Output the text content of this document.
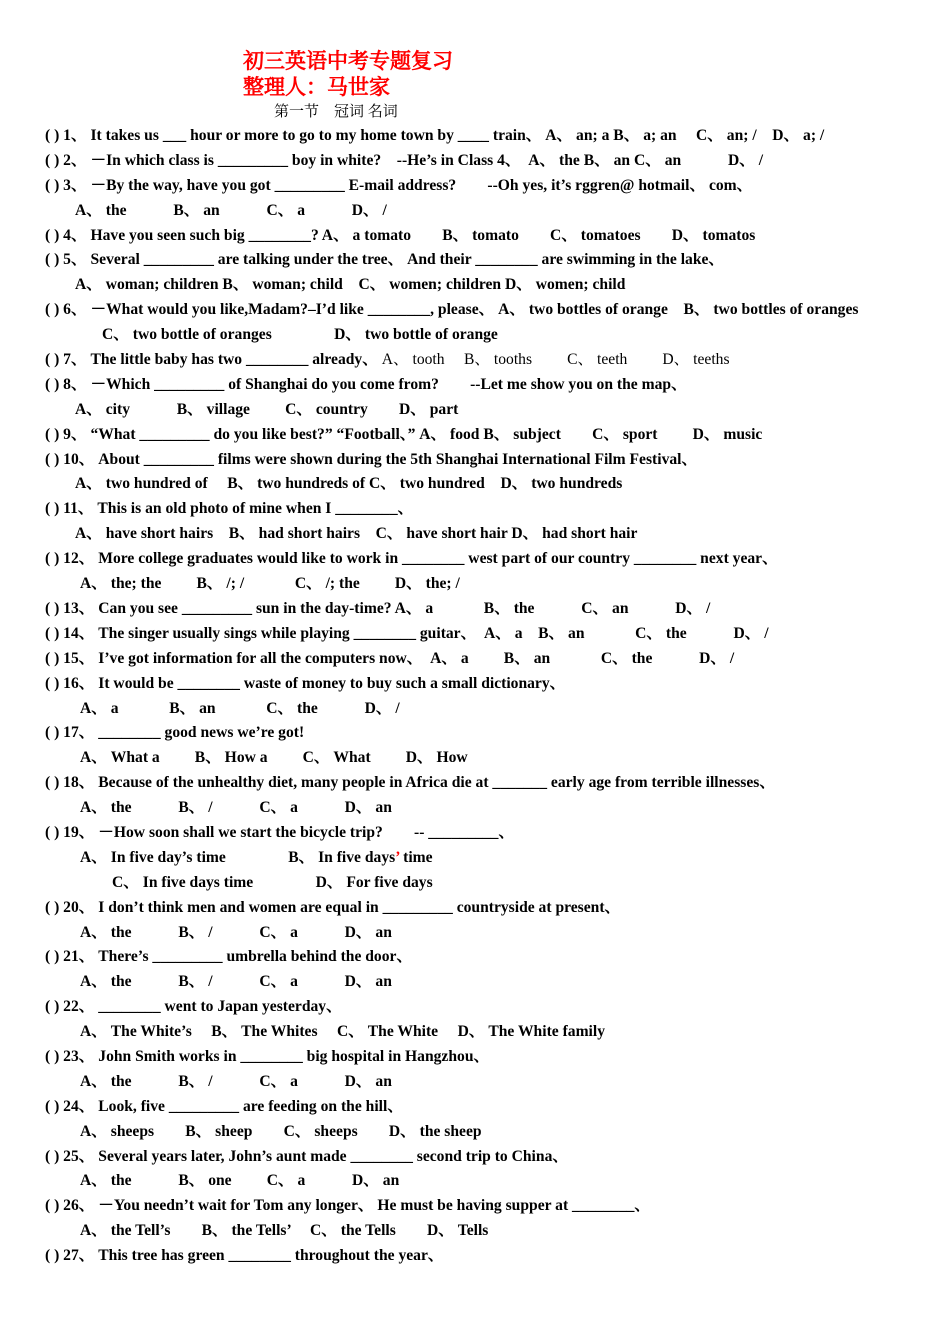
初三英语中考专题复习
整理人：马世家
第一节　冠词 名词
( ) 1、 It takes us ___ hour or more to go to my home town by ____ train、 A、 an; a B、 a; an　 C、 an; /　D、 a; /
( ) 2、 －In which class is _________ boy in white?　--He’s in Class 4、　A、 the B、 an C、 an　　　D、 /
( ) 3、 －By the way, have you got _________ E-mail address?　　--Oh yes, it’s rggren@ hotmail、 com、
A、 the　　　B、 an　　　C、 a　　　D、 /
( ) 4、 Have you seen such big ________? A、 a tomato　　B、 tomato　　C、 tomatoes　　D、 tomatos
( ) 5、 Several _________ are talking under the tree、 And their ________ are swimming in the lake、
A、 woman; children B、 woman; child　C、 women; children D、 women; child
( ) 6、 －What would you like,Madam?–I’d like ________, please、 A、 two bottles of orange　B、 two bottles of oranges
C、 two bottle of oranges　　　　D、 two bottle of orange
( ) 7、 The little baby has two ________ already、 A、 tooth　 B、 tooths　　 C、 teeth　　 D、 teeths
( ) 8、 －Which _________ of Shanghai do you come from?　　--Let me show you on the map、
A、 city　　　B、 village　　 C、 country　　D、 part
( ) 9、 “What _________ do you like best?” “Football、” A、 food B、 subject　　C、 sport　　 D、 music
( ) 10、 About _________ films were shown during the 5th Shanghai International Film Festival、
A、 two hundred of　 B、 two hundreds of C、 two hundred　D、 two hundreds
( ) 11、 This is an old photo of mine when I ________、
A、 have short hairs　B、 had short hairs　C、 have short hair D、 had short hair
( ) 12、 More college graduates would like to work in ________ west part of our country ________ next year、
A、 the; the　　 B、 /; /　　　 C、 /; the　　 D、 the; /
( ) 13、 Can you see _________ sun in the day-time? A、 a　　　 B、 the　　　C、 an　　　D、 /
( ) 14、 The singer usually sings while playing ________ guitar、　A、 a　B、 an　　　 C、 the　　　D、 /
( ) 15、 I’ve got information for all the computers now、　A、 a　　 B、 an　　　 C、 the　　　D、 /
( ) 16、 It would be ________ waste of money to buy such a small dictionary、
A、 a　　　 B、 an　　　 C、 the　　　D、 /
( ) 17、 ________ good news we’re got!
A、 What a　　 B、 How a　　 C、 What　　 D、 How
( ) 18、 Because of the unhealthy diet, many people in Africa die at _______ early age from terrible illnesses、
A、 the　　　B、 /　　　C、 a　　　D、 an
( ) 19、 －How soon shall we start the bicycle trip?　　-- _________、
A、 In five day’s time　　　　B、 In five days’ time
C、 In five days time　　　　D、 For five days
( ) 20、 I don’t think men and women are equal in _________ countryside at present、
A、 the　　　B、 /　　　C、 a　　　D、 an
( ) 21、 There’s _________ umbrella behind the door、
A、 the　　　B、 /　　　C、 a　　　D、 an
( ) 22、 ________ went to Japan yesterday、
A、 The White’s　 B、 The Whites　 C、 The White　 D、 The White family
( ) 23、 John Smith works in ________ big hospital in Hangzhou、
A、 the　　　B、 /　　　C、 a　　　D、 an
( ) 24、 Look, five _________ are feeding on the hill、
A、 sheeps　　B、 sheep　　C、 sheeps　　D、 the sheep
( ) 25、 Several years later, John’s aunt made ________ second trip to China、
A、 the　　　B、 one　　 C、 a　　　D、 an
( ) 26、 －You needn’t wait for Tom any longer、 He must be having supper at ________、
A、 the Tell’s　　B、 the Tells’　 C、 the Tells　　D、 Tells
( ) 27、 This tree has green ________ throughout the year、
